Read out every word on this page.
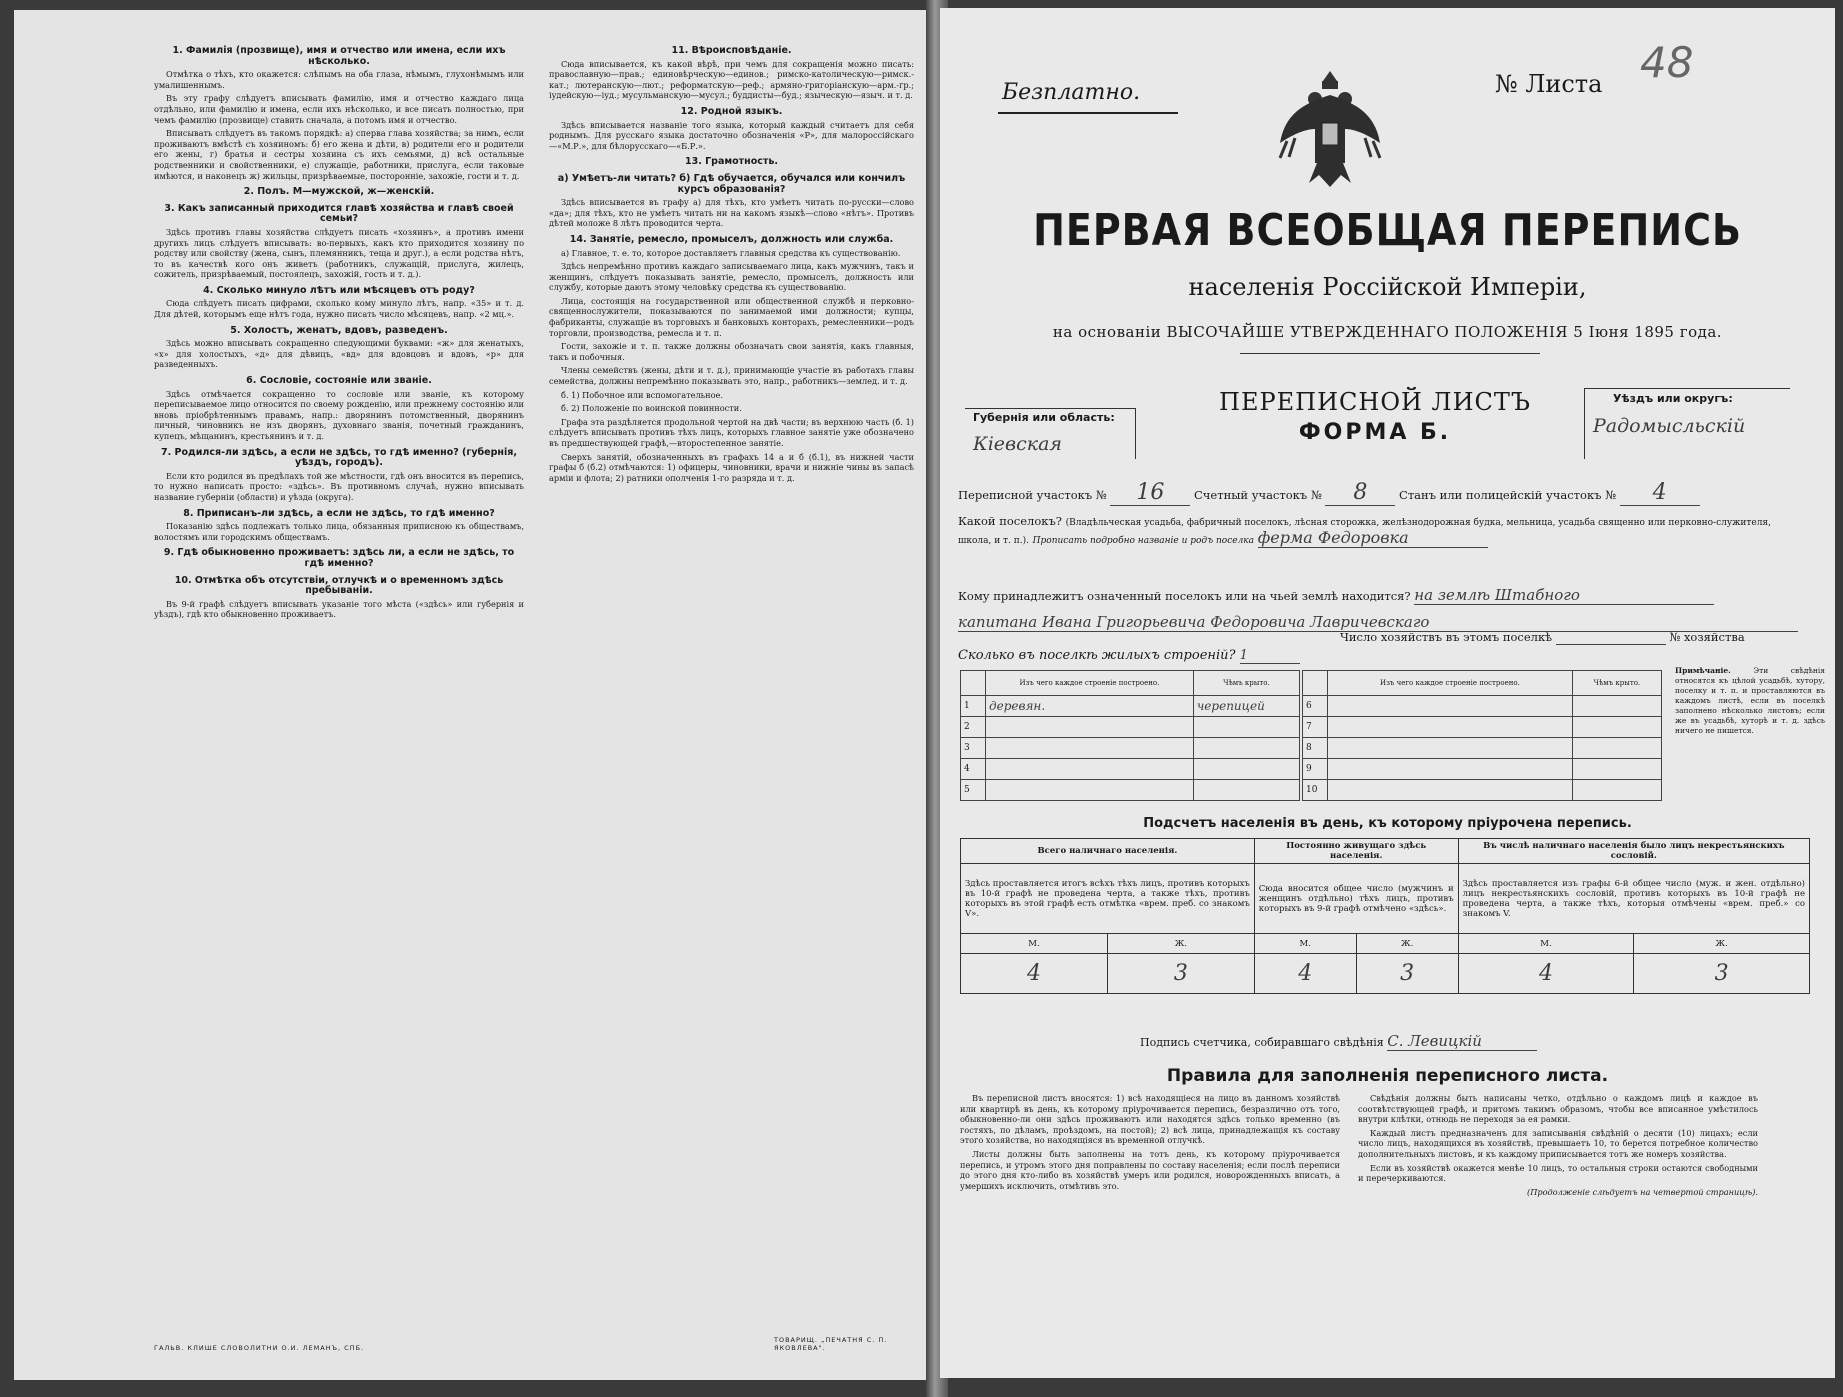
1. Фамилія (прозвище), имя и отчество или имена, если ихъ нѣсколько.

Отмѣтка о тѣхъ, кто окажется: слѣпымъ на оба глаза, нѣмымъ, глухонѣмымъ или умалишеннымъ.

Въ эту графу слѣдуетъ вписывать фамилію, имя и отчество каждаго лица отдѣльно, или фамилію и имена, если ихъ нѣсколько, и все писать полностью, при чемъ фамилію (прозвище) ставить сначала, а потомъ имя и отчество.

Вписывать слѣдуетъ въ такомъ порядкѣ: а) сперва глава хозяйства; за нимъ, если проживаютъ вмѣстѣ съ хозяиномъ: б) его жена и дѣти, в) родители его и родители его жены, г) братья и сестры хозяина съ ихъ семьями, д) всѣ остальные родственники и свойственники, е) служащіе, работники, прислуга, если таковые имѣются, и наконецъ ж) жильцы, призрѣваемые, посторонніе, захожіе, гости и т. д.

2. Полъ. М—мужской, ж—женскій.
3. Какъ записанный приходится главѣ хозяйства и главѣ своей семьи?

Здѣсь противъ главы хозяйства слѣдуетъ писать «хозяинъ», а противъ имени другихъ лицъ слѣдуетъ вписывать: во-первыхъ, какъ кто приходится хозяину по родству или свойству (жена, сынъ, племянникъ, теща и друг.), а если родства нѣтъ, то въ качествѣ кого онъ живетъ (работникъ, служащій, прислуга, жилецъ, сожитель, призрѣваемый, постоялецъ, захожій, гость и т. д.).

4. Сколько минуло лѣтъ или мѣсяцевъ отъ роду?

Сюда слѣдуетъ писать цифрами, сколько кому минуло лѣтъ, напр. «35» и т. д. Для дѣтей, которымъ еще нѣтъ года, нужно писать число мѣсяцевъ, напр. «2 мц.».

5. Холостъ, женатъ, вдовъ, разведенъ.

Здѣсь можно вписывать сокращенно следующими буквами: «ж» для женатыхъ, «х» для холостыхъ, «д» для дѣвицъ, «вд» для вдовцовъ и вдовъ, «р» для разведенныхъ.

6. Сословіе, состояніе или званіе.

Здѣсь отмѣчается сокращенно то сословіе или званіе, къ которому переписываемое лицо относится по своему рожденію, или прежнему состоянію или вновь пріобрѣтеннымъ правамъ, напр.: дворянинъ потомственный, дворянинъ личный, чиновникъ не изъ дворянъ, духовнаго званія, почетный гражданинъ, купецъ, мѣщанинъ, крестьянинъ и т. д.

7. Родился-ли здѣсь, а если не здѣсь, то гдѣ именно? (губернія, уѣздъ, городъ).

Если кто родился въ предѣлахъ той же мѣстности, гдѣ онъ вносится въ перепись, то нужно написать просто: «здѣсь». Въ противномъ случаѣ, нужно вписывать название губерніи (области) и уѣзда (округа).

8. Приписанъ-ли здѣсь, а если не здѣсь, то гдѣ именно?

Показанію здѣсь подлежатъ только лица, обязанныя приписною къ обществамъ, волостямъ или городскимъ обществамъ.

9. Гдѣ обыкновенно проживаетъ: здѣсь ли, а если не здѣсь, то гдѣ именно?
10. Отмѣтка объ отсутствіи, отлучкѣ и о временномъ здѣсь пребываніи.

Въ 9-й графѣ слѣдуетъ вписывать указаніе того мѣста («здѣсь» или губернія и уѣздъ), гдѣ кто обыкновенно проживаетъ.

11. Вѣроисповѣданіе.

Сюда вписывается, къ какой вѣрѣ, при чемъ для сокращенія можно писать: православную—прав.; единовѣрческую—единов.; римско-католическую—римск.-кат.; лютеранскую—лют.; реформатскую—реф.; армяно-григоріанскую—арм.-гр.; іудейскую—іуд.; мусульманскую—мусул.; буддисты—буд.; языческую—языч. и т. д.

12. Родной языкъ.

Здѣсь вписывается названіе того языка, который каждый считаетъ для себя роднымъ. Для русскаго языка достаточно обозначенія «Р», для малороссійскаго—«М.Р.», для бѣлорусскаго—«Б.Р.».

13. Грамотность.
а) Умѣетъ-ли читать? б) Гдѣ обучается, обучался или кончилъ курсъ образованія?

Здѣсь вписывается въ графу а) для тѣхъ, кто умѣетъ читать по-русски—слово «да»; для тѣхъ, кто не умѣетъ читать ни на какомъ языкѣ—слово «нѣтъ». Противъ дѣтей моложе 8 лѣтъ проводится черта.

14. Занятіе, ремесло, промыселъ, должность или служба.

а) Главное, т. е. то, которое доставляетъ главныя средства къ существованію.

Здѣсь непремѣнно противъ каждаго записываемаго лица, какъ мужчинъ, такъ и женщинъ, слѣдуетъ показывать занятіе, ремесло, промыселъ, должность или службу, которые даютъ этому человѣку средства къ существованію.

Лица, состоящія на государственной или общественной службѣ и перковно-священнослужители, показываются по занимаемой ими должности; купцы, фабриканты, служащіе въ торговыхъ и банковыхъ конторахъ, ремесленники—родъ торговли, производства, ремесла и т. п.

Гости, захожіе и т. п. также должны обозначать свои занятія, какъ главныя, такъ и побочныя.

Члены семействъ (жены, дѣти и т. д.), принимающіе участіе въ работахъ главы семейства, должны непремѣнно показывать это, напр., работникъ—землед. и т. д.

б. 1) Побочное или вспомогательное.

б. 2) Положеніе по воинской повинности.

Графа эта раздѣляется продольной чертой на двѣ части; въ верхнюю часть (б. 1) слѣдуетъ вписывать противъ тѣхъ лицъ, которыхъ главное занятіе уже обозначено въ предшествующей графѣ,—второстепенное занятіе.

Сверхъ занятій, обозначенныхъ въ графахъ 14 а и б (б.1), въ нижней части графы б (б.2) отмѣчаются: 1) офицеры, чиновники, врачи и нижніе чины въ запасѣ арміи и флота; 2) ратники ополченія 1-го разряда и т. д.

ГАЛЬВ. КЛИШЕ СЛОВОЛИТНИ О.И. ЛЕМАНЪ, СПБ.
ТОВАРИЩ. „ПЕЧАТНЯ С. П. ЯКОВЛЕВА".
Безплатно.	№ Листа 48
ПЕРВАЯ ВСЕОБЩАЯ ПЕРЕПИСЬ
населенія Россійской Имперіи,
на основаніи ВЫСОЧАЙШЕ УТВЕРЖДЕННАГО ПОЛОЖЕНІЯ 5 Іюня 1895 года.
Губернія или область:
Кіевская
ПЕРЕПИСНОЙ ЛИСТЪ
ФОРМА Б.
Уѣздъ или округъ:
Радомысльскій
Переписной участокъ № 16	Счетный участокъ № 8	Станъ или полицейскій участокъ № 4
Какой поселокъ? (Владѣльческая усадьба, фабричный поселокъ, лѣсная сторожка, желѣзнодорожная будка, мельница, усадьба священно или перковно-служителя, школа, и т. п.). Прописать подробно названіе и родъ поселка ферма Федоровка
Кому принадлежитъ означенный поселокъ или на чьей землѣ находится? на землѣ Штабного капитана Ивана Григорьевича Федоровича Лавричевскаго
Число хозяйствъ въ этомъ поселкѣ	№ хозяйства
Сколько въ поселкѣ жилыхъ строеній? 1
	Изъ чего каждое строеніе построено.	Чѣмъ крыто.
1	деревян.	черепицей
2		
3		
4		
5		
	Изъ чего каждое строеніе построено.	Чѣмъ крыто.
6		
7		
8		
9		
10		
Примѣчаніе.	Эти свѣдѣнія относятся къ цѣлой усадьбѣ, хутору, поселку и т. п. и проставляются въ каждомъ листѣ, если въ поселкѣ заполнено нѣсколько листовъ; если же въ усадьбѣ, хуторѣ и т. д. здѣсь ничего не пишется.
Подсчетъ населенія въ день, къ которому пріурочена перепись.
Всего наличнаго населенія.		Постоянно живущаго здѣсь населенія.		Въ числѣ наличнаго населенія было лицъ некрестьянскихъ сословій.	
Здѣсь проставляется итогъ всѣхъ тѣхъ лицъ, противъ которыхъ въ 10-й графѣ не проведена черта, а также тѣхъ, противъ которыхъ въ этой графѣ есть отмѣтка «врем. преб. со знакомъ V».		Сюда вносится общее число (мужчинъ и женщинъ отдѣльно) тѣхъ лицъ, противъ которыхъ въ 9-й графѣ отмѣчено «здѣсь».		Здѣсь проставляется изъ графы 6-й общее число (муж. и жен. отдѣльно) лицъ некрестьянскихъ сословій, противъ которыхъ въ 10-й графѣ не проведена черта, а также тѣхъ, которыя отмѣчены «врем. преб.» со знакомъ V.	
М.	Ж.	М.	Ж.	М.	Ж.
4	3	4	3	4	3
Подпись счетчика, собиравшаго свѣдѣнія С. Левицкій
Правила для заполненія переписного листа.

Въ переписной листъ вносятся: 1) всѣ находящіеся на лицо въ данномъ хозяйствѣ или квартирѣ въ день, къ которому пріурочивается перепись, безразлично отъ того, обыкновенно-ли они здѣсь проживаютъ или находятся здѣсь только временно (въ гостяхъ, по дѣламъ, проѣздомъ, на постой); 2) всѣ лица, принадлежащія къ составу этого хозяйства, но находящіяся въ временной отлучкѣ.

Листы должны быть заполнены на тотъ день, къ которому пріурочивается перепись, и утромъ этого дня поправлены по составу населенія; если послѣ переписи до этого дня кто-либо въ хозяйствѣ умеръ или родился, новорожденныхъ вписать, а умершихъ исключить, отмѣтивъ это.

Свѣдѣнія должны быть написаны четко, отдѣльно о каждомъ лицѣ и каждое въ соотвѣтствующей графѣ, и притомъ такимъ образомъ, чтобы все вписанное умѣстилось внутри клѣтки, отнюдь не переходя за ея рамки.

Каждый листъ предназначенъ для записыванія свѣдѣній о десяти (10) лицахъ; если число лицъ, находящихся въ хозяйствѣ, превышаетъ 10, то берется потребное количество дополнительныхъ листовъ, и къ каждому приписывается тотъ же номеръ хозяйства.

Если въ хозяйствѣ окажется менѣе 10 лицъ, то остальныя строки остаются свободными и перечеркиваются.

(Продолженіе слѣдуетъ на четвертой страницѣ).
